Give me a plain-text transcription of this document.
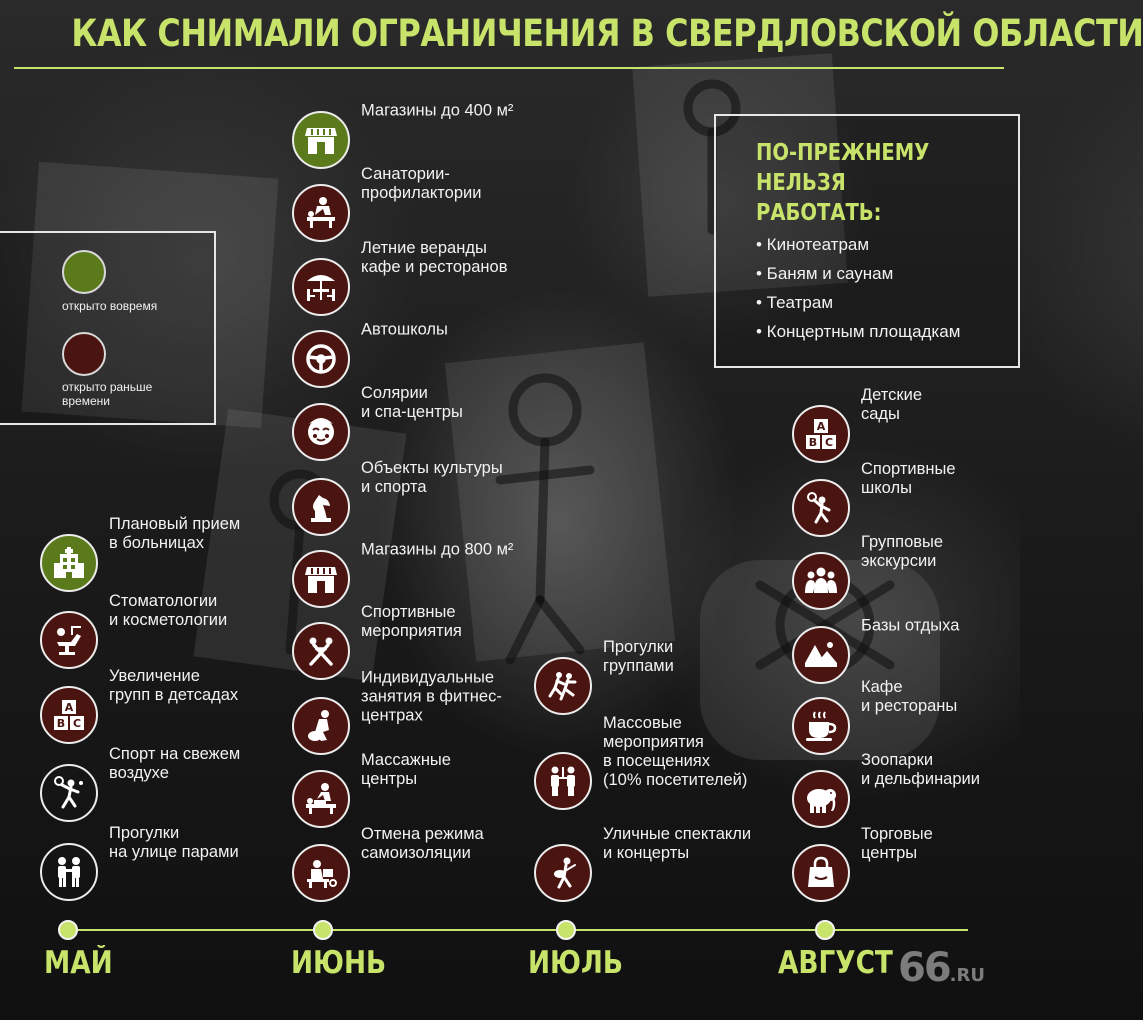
КАК СНИМАЛИ ОГРАНИЧЕНИЯ В СВЕРДЛОВСКОЙ ОБЛАСТИ
открыто вовремя
открыто раньше
времени
ПО-ПРЕЖНЕМУ
НЕЛЬЗЯ РАБОТАТЬ:
• Кинотеатрам
• Баням и саунам
• Театрам
• Концертным площадкам
Плановый прием
в больницах
Стоматологии
и косметологии
A
B C
Увеличение
групп в детсадах
Спорт на свежем
воздухе
Прогулки
на улице парами
Магазины до 400 м²
Санатории-профилактории
Летние веранды
кафе и ресторанов
Автошколы
Солярии
и спа-центры
Объекты культуры
и спорта
Магазины до 800 м²
Спортивные
мероприятия
Индивидуальные
занятия в фитнес-
центрах
Массажные
центры
Отмена режима
самоизоляции
Прогулки
группами
Массовые
мероприятия
в посещениях
(10% посетителей)
Уличные спектакли
и концерты
A
B C
Детские
сады
Спортивные
школы
Групповые
экскурсии
Базы отдыха
Кафе
и рестораны
Зоопарки
и дельфинарии
Торговые
центры
МАЙ	ИЮНЬ	ИЮЛЬ	АВГУСТ 66.RU
